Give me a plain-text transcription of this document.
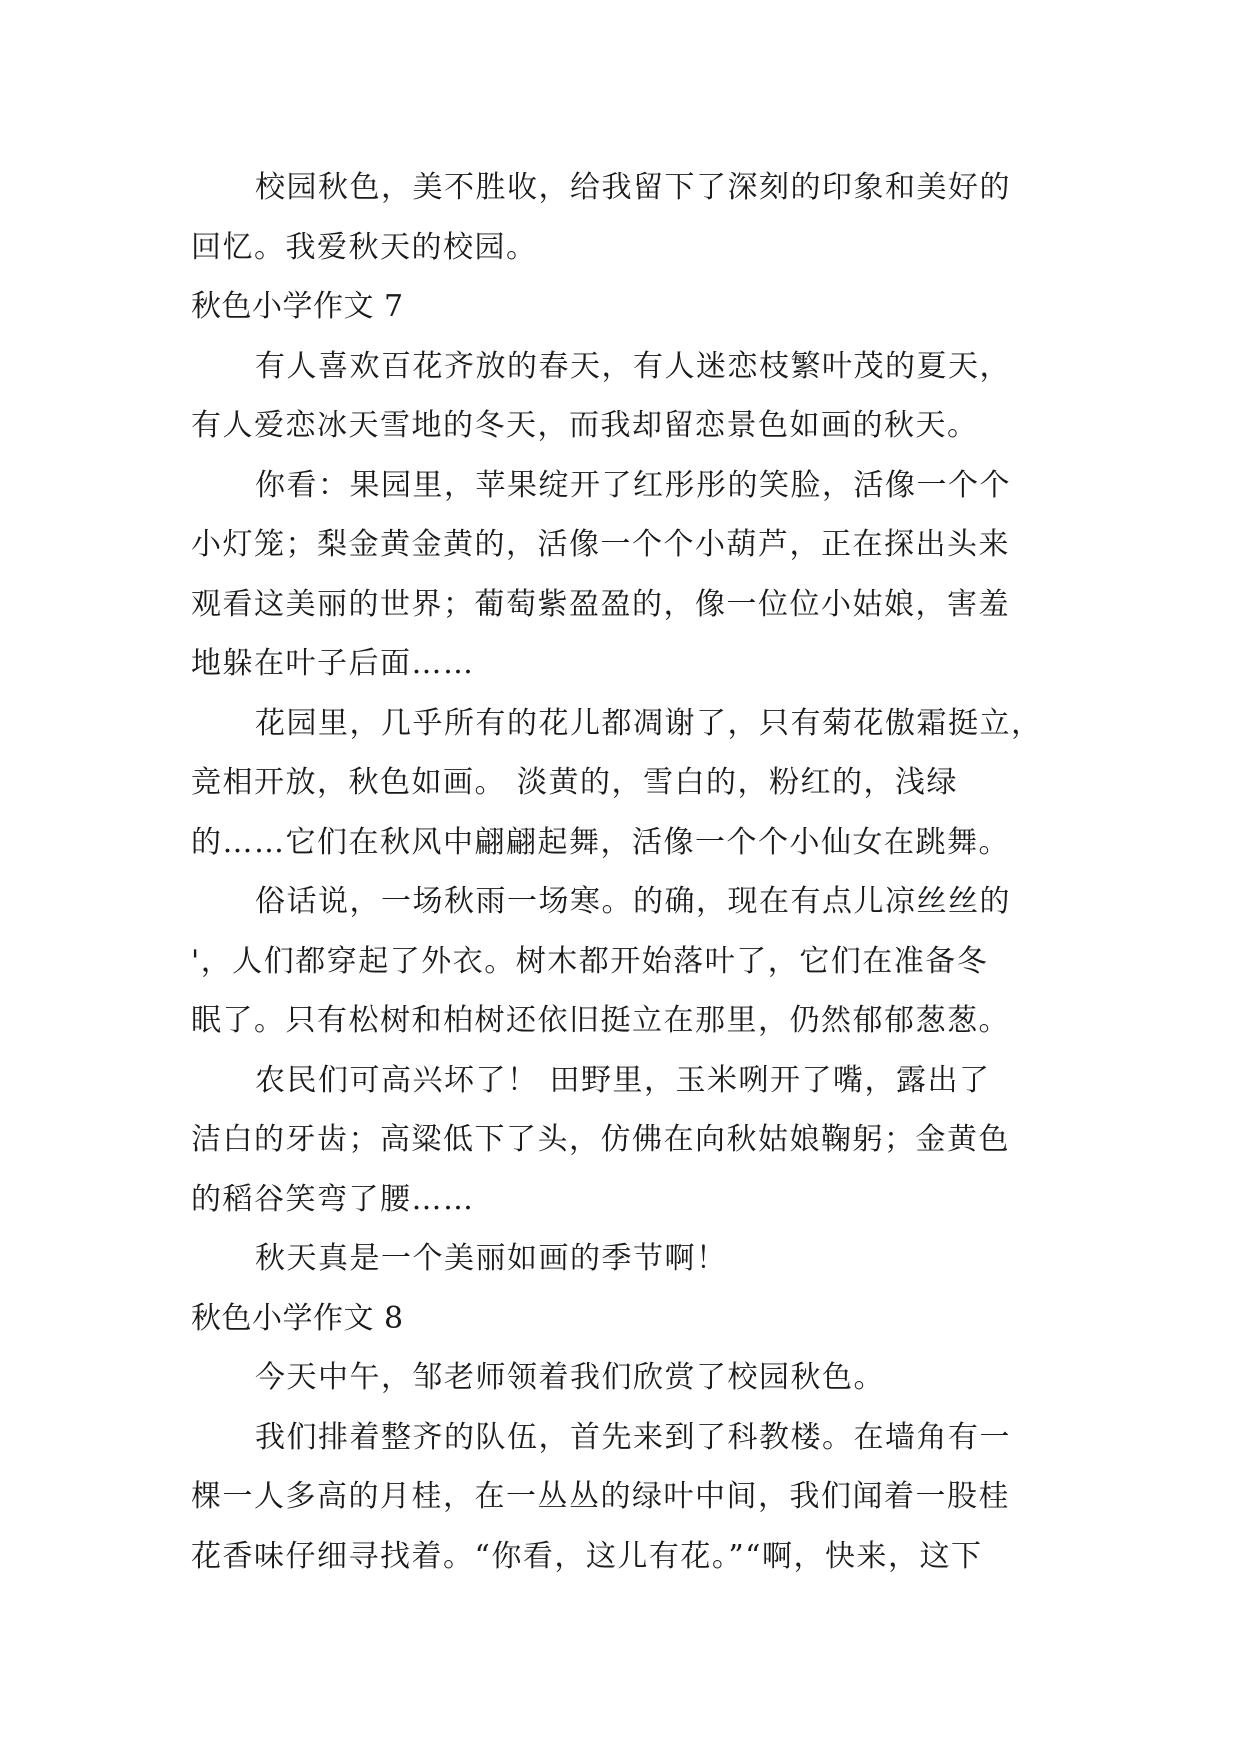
校园秋色，美不胜收，给我留下了深刻的印象和美好的
回忆。我爱秋天的校园。
秋色小学作文 7
有人喜欢百花齐放的春天，有人迷恋枝繁叶茂的夏天，
有人爱恋冰天雪地的冬天，而我却留恋景色如画的秋天。
你看：果园里，苹果绽开了红彤彤的笑脸，活像一个个
小灯笼；梨金黄金黄的，活像一个个小葫芦，正在探出头来
观看这美丽的世界；葡萄紫盈盈的，像一位位小姑娘，害羞
地躲在叶子后面……
花园里，几乎所有的花儿都凋谢了，只有菊花傲霜挺立，
竞相开放，秋色如画。 淡黄的，雪白的，粉红的，浅绿
的……它们在秋风中翩翩起舞，活像一个个小仙女在跳舞。
俗话说，一场秋雨一场寒。的确，现在有点儿凉丝丝的
'，人们都穿起了外衣。树木都开始落叶了，它们在准备冬
眠了。只有松树和柏树还依旧挺立在那里，仍然郁郁葱葱。
农民们可高兴坏了！ 田野里，玉米咧开了嘴，露出了
洁白的牙齿；高粱低下了头，仿佛在向秋姑娘鞠躬；金黄色
的稻谷笑弯了腰……
秋天真是一个美丽如画的季节啊！
秋色小学作文 8
今天中午，邹老师领着我们欣赏了校园秋色。
我们排着整齐的队伍，首先来到了科教楼。在墙角有一
棵一人多高的月桂，在一丛丛的绿叶中间，我们闻着一股桂
花香味仔细寻找着。“你看，这儿有花。”“啊，快来，这下
